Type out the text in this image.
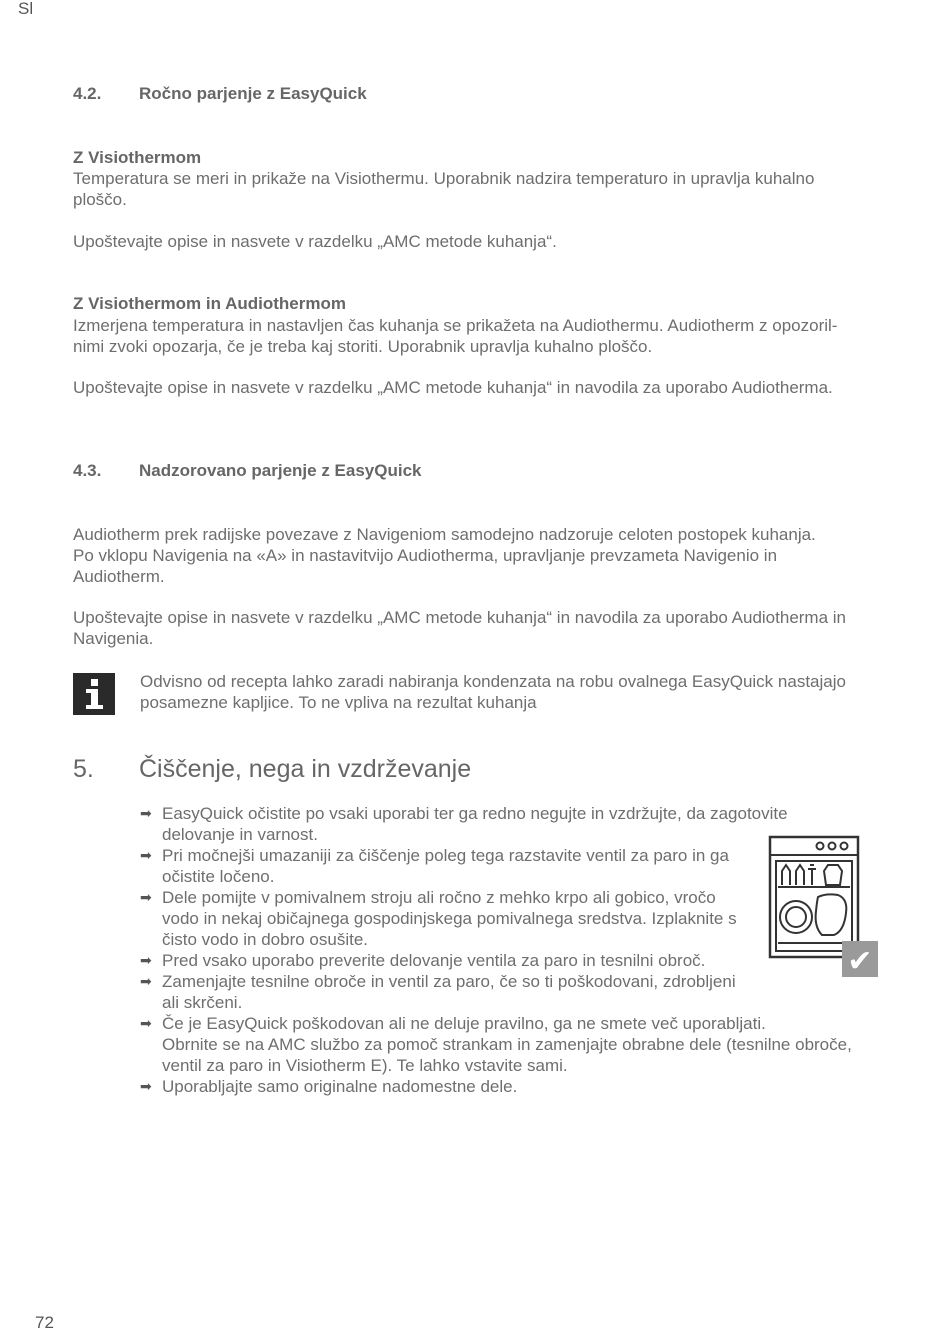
Sl
4.2. Ročno parjenje z EasyQuick
Z Visiothermom
Temperatura se meri in prikaže na Visiothermu. Uporabnik nadzira temperaturo in upravlja kuhalno
ploščo.
Upoštevajte opise in nasvete v razdelku „AMC metode kuhanja“.
Z Visiothermom in Audiothermom
Izmerjena temperatura in nastavljen čas kuhanja se prikažeta na Audiothermu. Audiotherm z opozoril-
nimi zvoki opozarja, če je treba kaj storiti. Uporabnik upravlja kuhalno ploščo.
Upoštevajte opise in nasvete v razdelku „AMC metode kuhanja“ in navodila za uporabo Audiotherma.
4.3. Nadzorovano parjenje z EasyQuick
Audiotherm prek radijske povezave z Navigeniom samodejno nadzoruje celoten postopek kuhanja.
Po vklopu Navigenia na «A» in nastavitvijo Audiotherma, upravljanje prevzameta Navigenio in
Audiotherm.
Upoštevajte opise in nasvete v razdelku „AMC metode kuhanja“ in navodila za uporabo Audiotherma in
Navigenia.
Odvisno od recepta lahko zaradi nabiranja kondenzata na robu ovalnega EasyQuick nastajajo
posamezne kapljice. To ne vpliva na rezultat kuhanja
5. Čiščenje, nega in vzdrževanje
➡ EasyQuick očistite po vsaki uporabi ter ga redno negujte in vzdržujte, da zagotovite
delovanje in varnost.
➡ Pri močnejši umazaniji za čiščenje poleg tega razstavite ventil za paro in ga
očistite ločeno.
➡ Dele pomijte v pomivalnem stroju ali ročno z mehko krpo ali gobico, vročo
vodo in nekaj običajnega gospodinjskega pomivalnega sredstva. Izplaknite s
čisto vodo in dobro osušite.
➡ Pred vsako uporabo preverite delovanje ventila za paro in tesnilni obroč.
➡ Zamenjajte tesnilne obroče in ventil za paro, če so ti poškodovani, zdrobljeni
ali skrčeni.
➡ Če je EasyQuick poškodovan ali ne deluje pravilno, ga ne smete več uporabljati.
Obrnite se na AMC službo za pomoč strankam in zamenjajte obrabne dele (tesnilne obroče,
ventil za paro in Visiotherm E). Te lahko vstavite sami.
➡ Uporabljajte samo originalne nadomestne dele.
✔
72
